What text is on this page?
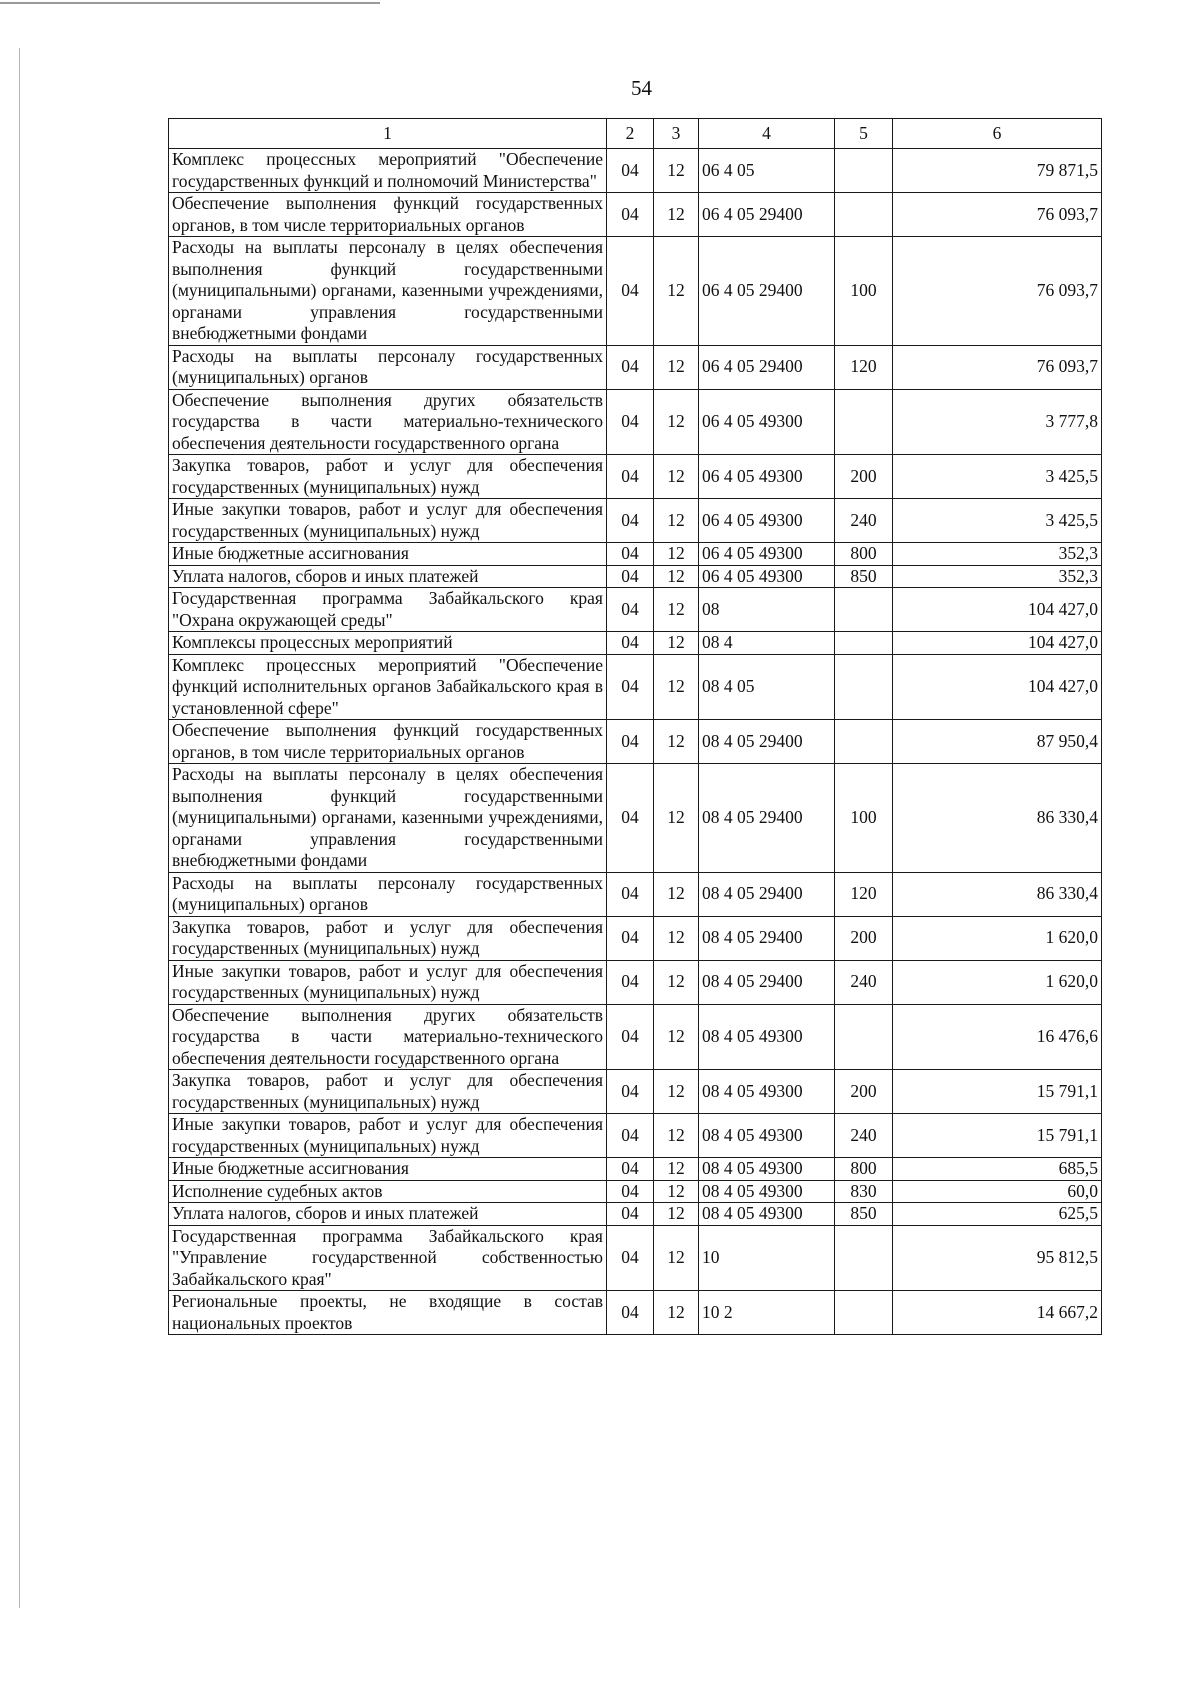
54
1	2	3	4	5	6
Комплекс процессных мероприятий "Обеспечение государственных функций и полномочий Министерства"	04	12	06 4 05		79 871,5
Обеспечение выполнения функций государственных органов, в том числе территориальных органов	04	12	06 4 05 29400		76 093,7
Расходы на выплаты персоналу в целях обеспечения выполнения функций государственными (муниципальными) органами, казенными учреждениями, органами управления государственными внебюджетными фондами	04	12	06 4 05 29400	100	76 093,7
Расходы на выплаты персоналу государственных (муниципальных) органов	04	12	06 4 05 29400	120	76 093,7
Обеспечение выполнения других обязательств государства в части материально-технического обеспечения деятельности государственного органа	04	12	06 4 05 49300		3 777,8
Закупка товаров, работ и услуг для обеспечения государственных (муниципальных) нужд	04	12	06 4 05 49300	200	3 425,5
Иные закупки товаров, работ и услуг для обеспечения государственных (муниципальных) нужд	04	12	06 4 05 49300	240	3 425,5
Иные бюджетные ассигнования	04	12	06 4 05 49300	800	352,3
Уплата налогов, сборов и иных платежей	04	12	06 4 05 49300	850	352,3
Государственная программа Забайкальского края "Охрана окружающей среды"	04	12	08		104 427,0
Комплексы процессных мероприятий	04	12	08 4		104 427,0
Комплекс процессных мероприятий "Обеспечение функций исполнительных органов Забайкальского края в установленной сфере"	04	12	08 4 05		104 427,0
Обеспечение выполнения функций государственных органов, в том числе территориальных органов	04	12	08 4 05 29400		87 950,4
Расходы на выплаты персоналу в целях обеспечения выполнения функций государственными (муниципальными) органами, казенными учреждениями, органами управления государственными внебюджетными фондами	04	12	08 4 05 29400	100	86 330,4
Расходы на выплаты персоналу государственных (муниципальных) органов	04	12	08 4 05 29400	120	86 330,4
Закупка товаров, работ и услуг для обеспечения государственных (муниципальных) нужд	04	12	08 4 05 29400	200	1 620,0
Иные закупки товаров, работ и услуг для обеспечения государственных (муниципальных) нужд	04	12	08 4 05 29400	240	1 620,0
Обеспечение выполнения других обязательств государства в части материально-технического обеспечения деятельности государственного органа	04	12	08 4 05 49300		16 476,6
Закупка товаров, работ и услуг для обеспечения государственных (муниципальных) нужд	04	12	08 4 05 49300	200	15 791,1
Иные закупки товаров, работ и услуг для обеспечения государственных (муниципальных) нужд	04	12	08 4 05 49300	240	15 791,1
Иные бюджетные ассигнования	04	12	08 4 05 49300	800	685,5
Исполнение судебных актов	04	12	08 4 05 49300	830	60,0
Уплата налогов, сборов и иных платежей	04	12	08 4 05 49300	850	625,5
Государственная программа Забайкальского края "Управление государственной собственностью Забайкальского края"	04	12	10		95 812,5
Региональные проекты, не входящие в состав национальных проектов	04	12	10 2		14 667,2
